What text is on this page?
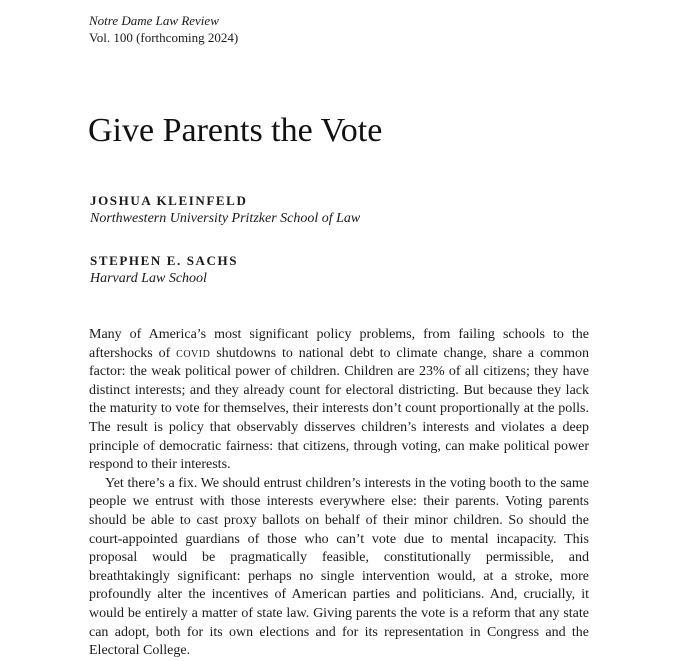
Notre Dame Law Review
Vol. 100 (forthcoming 2024)
Give Parents the Vote
JOSHUA KLEINFELD
Northwestern University Pritzker School of Law
STEPHEN E. SACHS
Harvard Law School

Many of America’s most significant policy problems, from failing schools to the aftershocks of covid shutdowns to national debt to climate change, share a common factor: the weak political power of children. Children are 23% of all citizens; they have distinct interests; and they already count for electoral districting. But because they lack the maturity to vote for themselves, their interests don’t count proportionally at the polls. The result is policy that observably disserves children’s interests and violates a deep principle of democratic fairness: that citizens, through voting, can make political power respond to their interests.

Yet there’s a fix. We should entrust children’s interests in the voting booth to the same people we entrust with those interests everywhere else: their parents. Voting parents should be able to cast proxy ballots on behalf of their minor children. So should the court-appointed guardians of those who can’t vote due to mental incapacity. This proposal would be pragmatically feasible, constitutionally permissible, and breathtakingly significant: perhaps no single intervention would, at a stroke, more profoundly alter the incentives of American parties and politicians. And, crucially, it would be entirely a matter of state law. Giving parents the vote is a reform that any state can adopt, both for its own elections and for its representation in Congress and the Electoral College.
